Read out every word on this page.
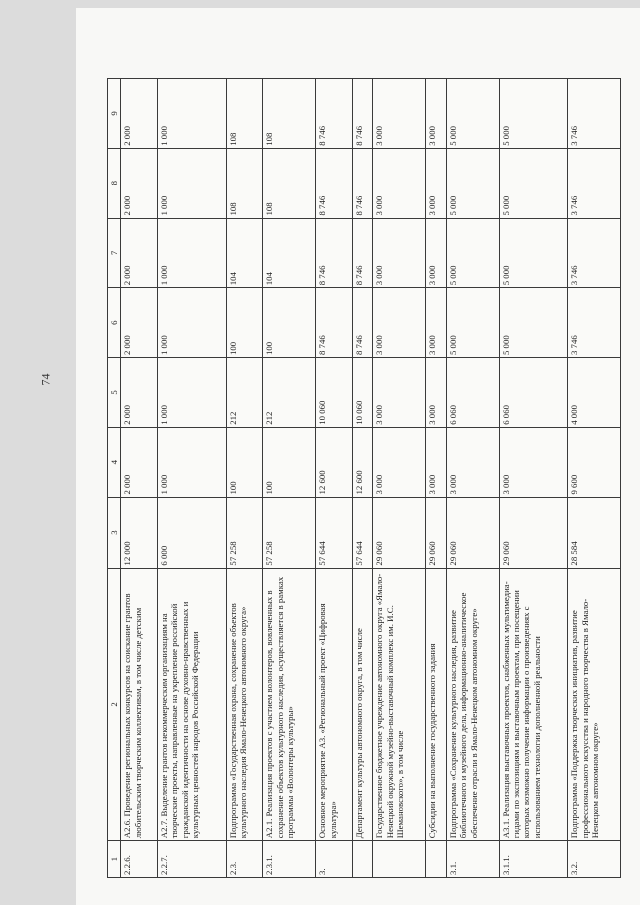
74
1	2	3	4	5	6	7	8	9
2.2.6.	А2.6. Проведение региональных конкурсов на соискание грантов любительским творческим коллективам, в том числе детским	12 000	2 000	2 000	2 000	2 000	2 000	2 000
2.2.7.	А2.7. Выделение грантов некоммерческим организациям на творческие проекты, направленные на укрепление российской гражданской идентичности на основе духовно-нравственных и культурных ценностей народов Российской Федерации	6 000	1 000	1 000	1 000	1 000	1 000	1 000
2.3.	Подпрограмма «Государственная охрана, сохранение объектов культурного наследия Ямало-Ненецкого автономного округа»	57 258	100	212	100	104	108	108
2.3.1.	А2.1. Реализация проектов с участием волонтеров, вовлеченных в сохранение объектов культурного наследия, осуществляется в рамках программы «Волонтеры культуры»	57 258	100	212	100	104	108	108
3.	Основное мероприятие А3. «Региональный проект «Цифровая культура»	57 644	12 600	10 060	8 746	8 746	8 746	8 746
	Департамент культуры автономного округа, в том числе	57 644	12 600	10 060	8 746	8 746	8 746	8 746
	Государственное бюджетное учреждение автономного округа «Ямало-Ненецкий окружной музейно-выставочный комплекс им. И.С. Шемановского», в том числе	29 060	3 000	3 000	3 000	3 000	3 000	3 000
	Субсидии на выполнение государственного задания	29 060	3 000	3 000	3 000	3 000	3 000	3 000
3.1.	Подпрограмма «Сохранение культурного наследия, развитие библиотечного и музейного дела, информационно-аналитическое обеспечение отрасли в Ямало-Ненецком автономном округе»	29 060	3 000	6 060	5 000	5 000	5 000	5 000
3.1.1.	А3.1. Реализация выставочных проектов, снабженных мультимедиа-гидами по экспозициям и выставочным проектам, при посещении которых возможно получение информации о произведениях с использованием технологии дополненной реальности	29 060	3 000	6 060	5 000	5 000	5 000	5 000
3.2.	Подпрограмма «Поддержка творческих инициатив, развитие профессионального искусства и народного творчества в Ямало-Ненецком автономном округе»	28 584	9 600	4 000	3 746	3 746	3 746	3 746
